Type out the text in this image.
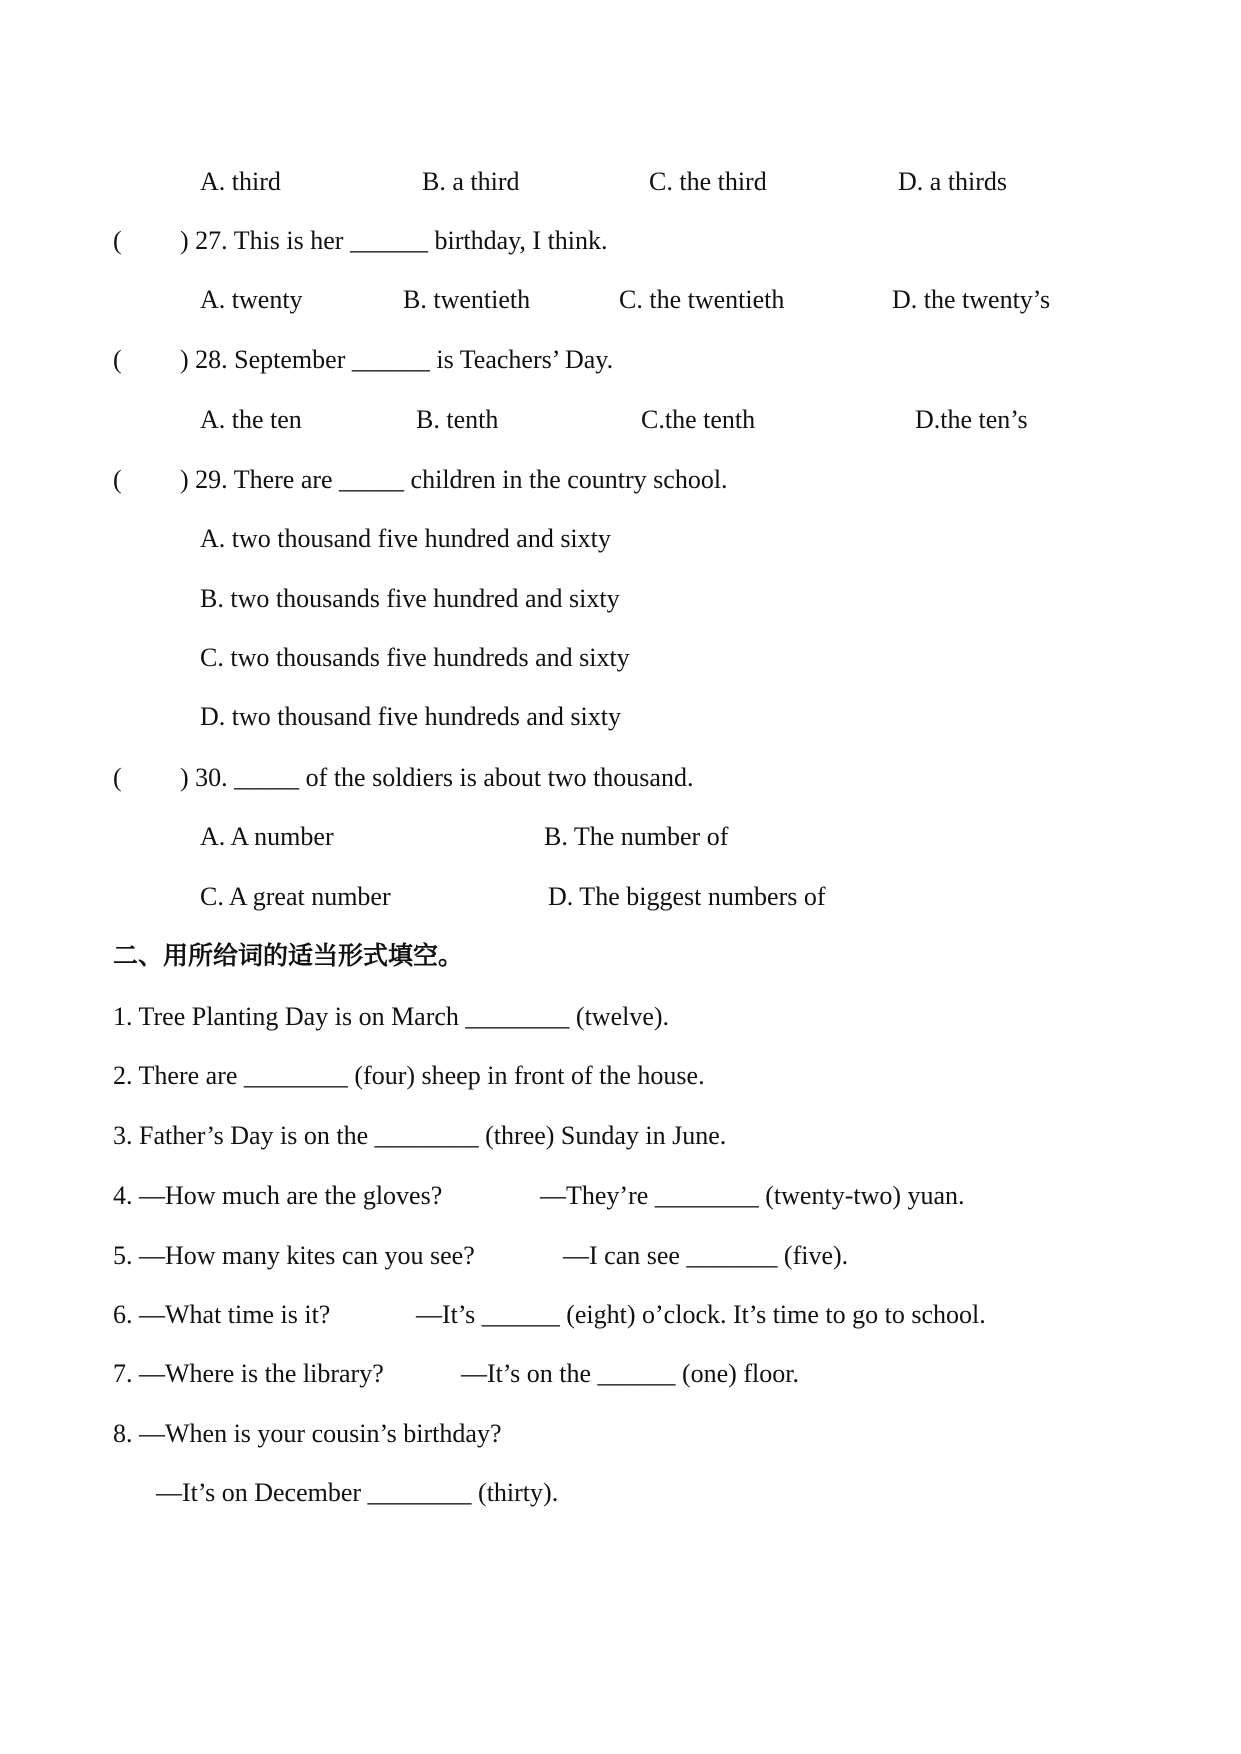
A. third	B. a third	C. the third	D. a thirds
( ) 27. This is her ______ birthday, I think.
A. twenty	B. twentieth	C. the twentieth	D. the twenty’s
( ) 28. September ______ is Teachers’ Day.
A. the ten	B. tenth	C.the tenth	D.the ten’s
( ) 29. There are _____ children in the country school.
A. two thousand five hundred and sixty
B. two thousands five hundred and sixty
C. two thousands five hundreds and sixty
D. two thousand five hundreds and sixty
( ) 30. _____ of the soldiers is about two thousand.
A. A number	B. The number of
C. A great number	D. The biggest numbers of
二、用所给词的适当形式填空。
1. Tree Planting Day is on March ________ (twelve).
2. There are ________ (four) sheep in front of the house.
3. Father’s Day is on the ________ (three) Sunday in June.
4. —How much are the gloves?	—They’re ________ (twenty-two) yuan.
5. —How many kites can you see?	—I can see _______ (five).
6. —What time is it?	—It’s ______ (eight) o’clock. It’s time to go to school.
7. —Where is the library?	—It’s on the ______ (one) floor.
8. —When is your cousin’s birthday?
—It’s on December ________ (thirty).
